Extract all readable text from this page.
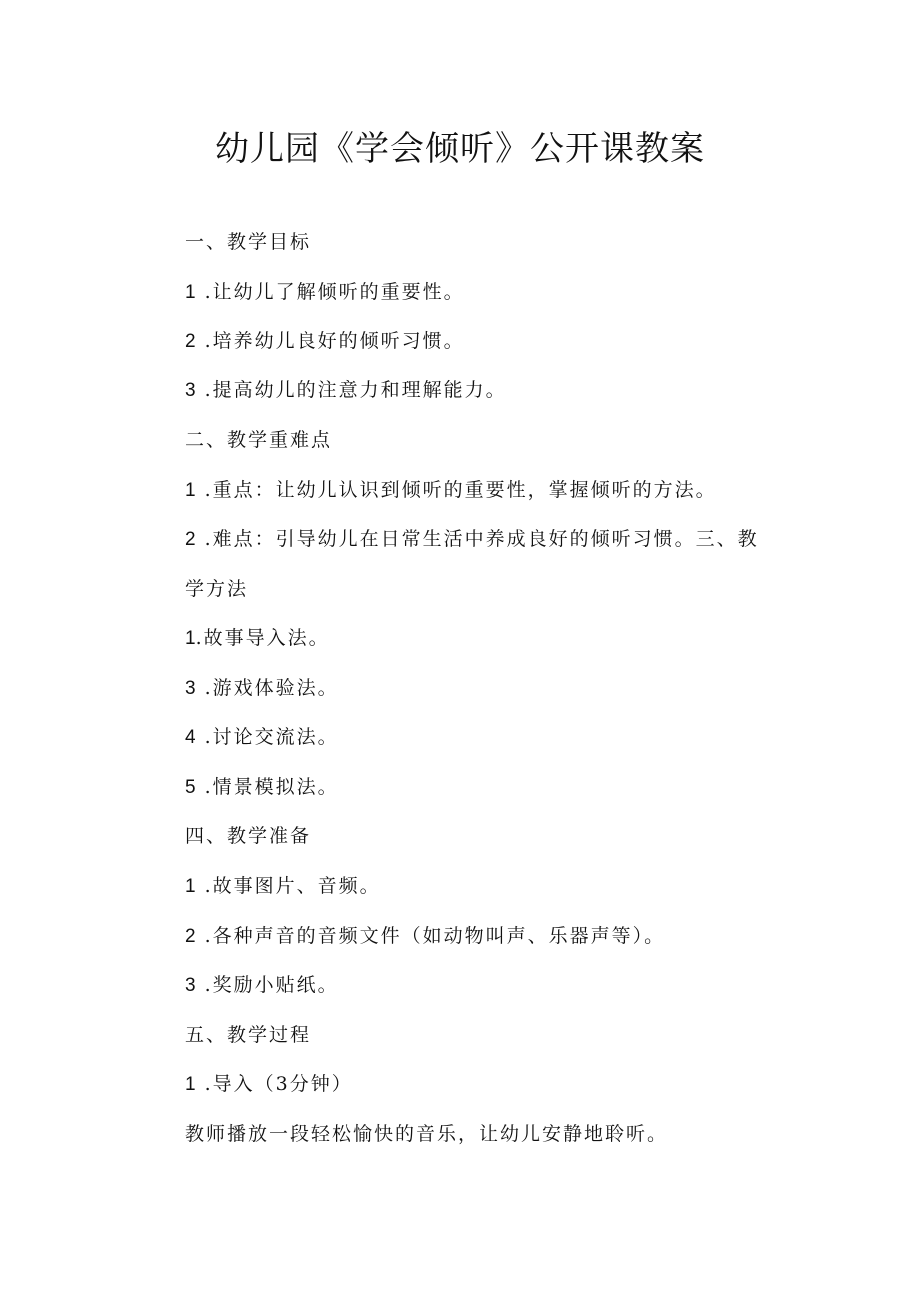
幼儿园《学会倾听》公开课教案

一、教学目标

1 .让幼儿了解倾听的重要性。

2 .培养幼儿良好的倾听习惯。

3 .提高幼儿的注意力和理解能力。

二、教学重难点

1 .重点：让幼儿认识到倾听的重要性，掌握倾听的方法。

2 .难点：引导幼儿在日常生活中养成良好的倾听习惯。三、教

学方法

1.故事导入法。

3 .游戏体验法。

4 .讨论交流法。

5 .情景模拟法。

四、教学准备

1 .故事图片、音频。

2 .各种声音的音频文件（如动物叫声、乐器声等）。

3 .奖励小贴纸。

五、教学过程

1 .导入（3分钟）

教师播放一段轻松愉快的音乐，让幼儿安静地聆听。
